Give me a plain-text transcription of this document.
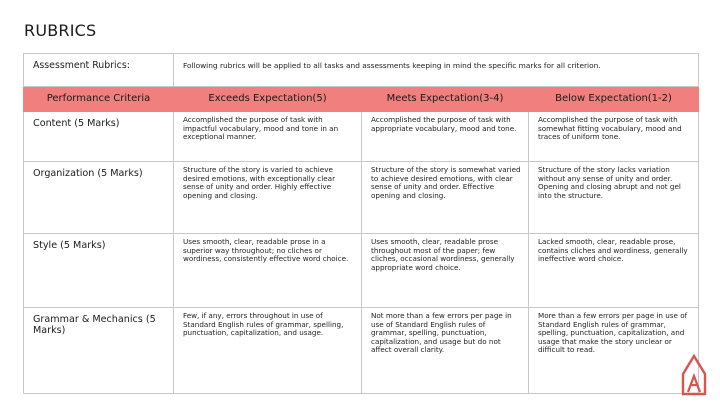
RUBRICS
Assessment Rubrics:	Following rubrics will be applied to all tasks and assessments keeping in mind the specific marks for all criterion.		
Performance Criteria	Exceeds Expectation(5)	Meets Expectation(3-4)	Below Expectation(1-2)
Content (5 Marks)	Accomplished the purpose of task with impactful vocabulary, mood and tone in an exceptional manner.	Accomplished the purpose of task with appropriate vocabulary, mood and tone.	Accomplished the purpose of task with somewhat fitting vocabulary, mood and traces of uniform tone.
Organization (5 Marks)	Structure of the story is varied to achieve desired emotions, with exceptionally clear sense of unity and order. Highly effective opening and closing.	Structure of the story is somewhat varied to achieve desired emotions, with clear sense of unity and order. Effective opening and closing.	Structure of the story lacks variation without any sense of unity and order. Opening and closing abrupt and not gel into the structure.
Style (5 Marks)	Uses smooth, clear, readable prose in a superior way throughout; no cliches or wordiness, consistently effective word choice.	Uses smooth, clear, readable prose throughout most of the paper; few cliches, occasional wordiness, generally appropriate word choice.	Lacked smooth, clear, readable prose, contains cliches and wordiness, generally ineffective word choice.
Grammar & Mechanics (5 Marks)	Few, if any, errors throughout in use of Standard English rules of grammar, spelling, punctuation, capitalization, and usage.	Not more than a few errors per page in use of Standard English rules of grammar, spelling, punctuation, capitalization, and usage but do not affect overall clarity.	More than a few errors per page in use of Standard English rules of grammar, spelling, punctuation, capitalization, and usage that make the story unclear or difficult to read.
